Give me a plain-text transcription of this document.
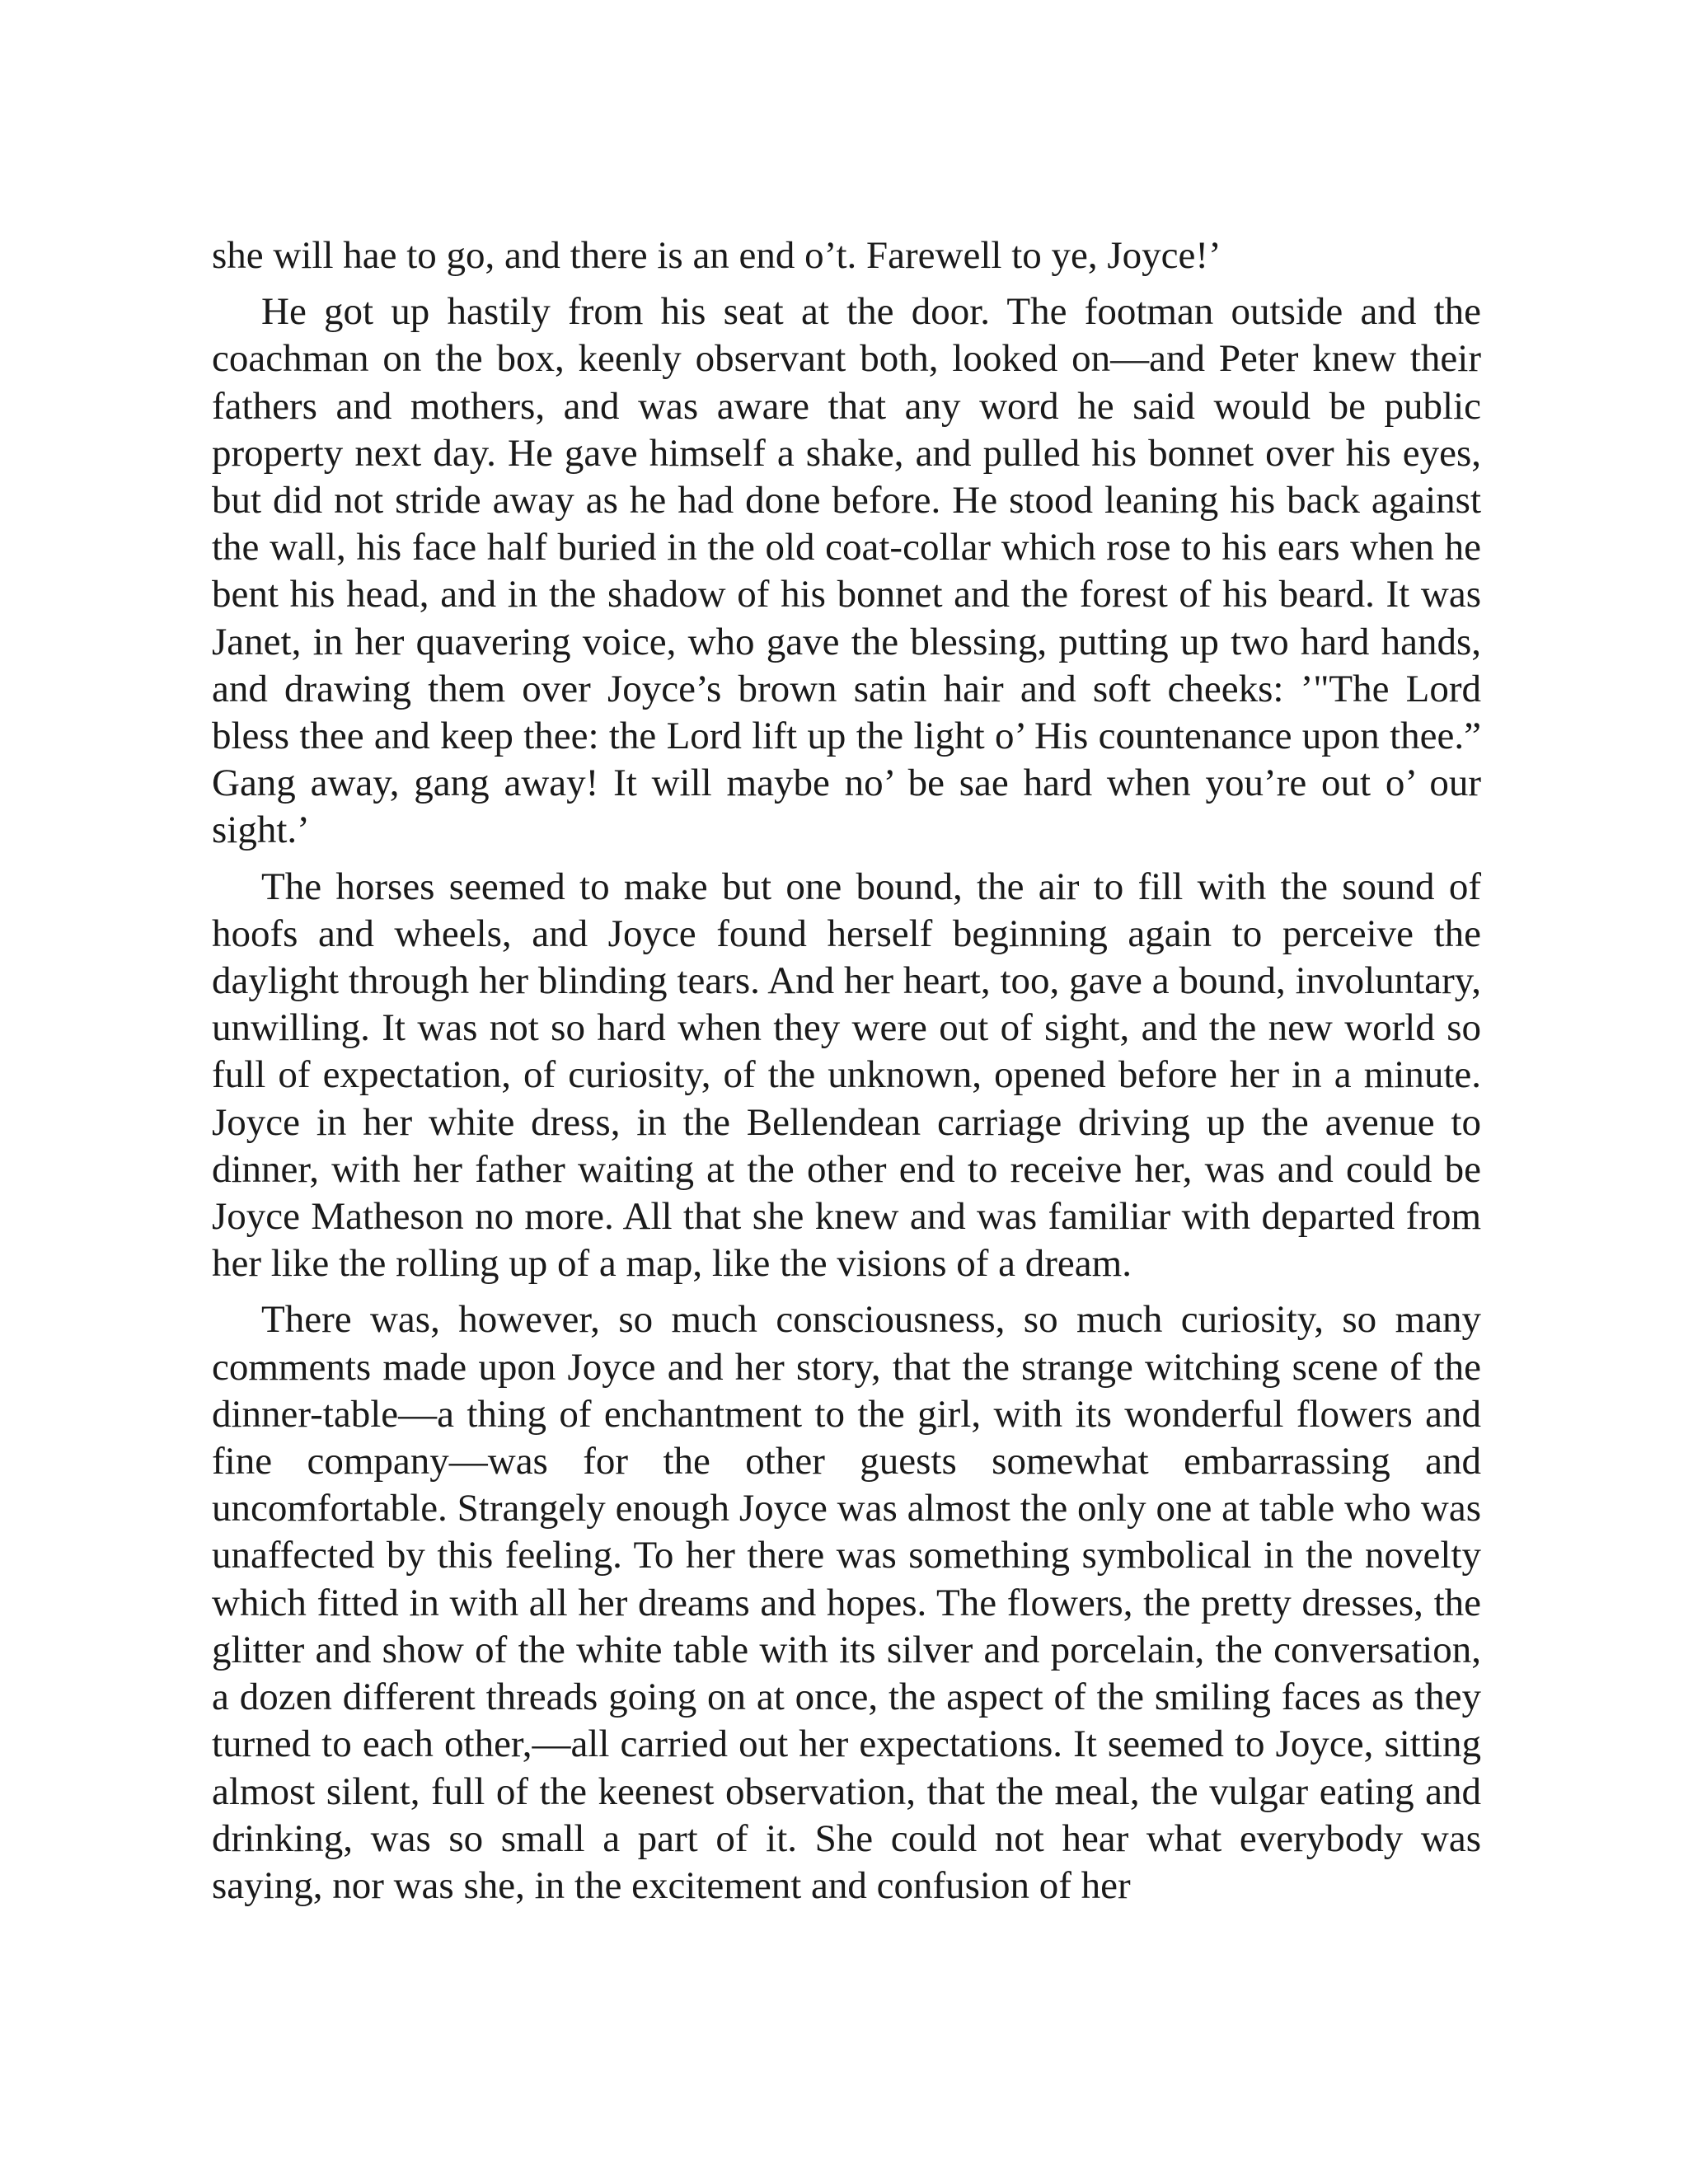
she will hae to go, and there is an end o’t. Farewell to ye, Joyce!’

He got up hastily from his seat at the door. The footman outside and the coachman on the box, keenly observant both, looked on—and Peter knew their fathers and mothers, and was aware that any word he said would be public property next day. He gave himself a shake, and pulled his bonnet over his eyes, but did not stride away as he had done before. He stood leaning his back against the wall, his face half buried in the old coat-collar which rose to his ears when he bent his head, and in the shadow of his bonnet and the forest of his beard. It was Janet, in her quavering voice, who gave the blessing, putting up two hard hands, and drawing them over Joyce’s brown satin hair and soft cheeks: ’"The Lord bless thee and keep thee: the Lord lift up the light o’ His countenance upon thee.” Gang away, gang away! It will maybe no’ be sae hard when you’re out o’ our sight.’

The horses seemed to make but one bound, the air to fill with the sound of hoofs and wheels, and Joyce found herself beginning again to perceive the daylight through her blinding tears. And her heart, too, gave a bound, involuntary, unwilling. It was not so hard when they were out of sight, and the new world so full of expectation, of curiosity, of the unknown, opened before her in a minute. Joyce in her white dress, in the Bellendean carriage driving up the avenue to dinner, with her father waiting at the other end to receive her, was and could be Joyce Matheson no more. All that she knew and was familiar with departed from her like the rolling up of a map, like the visions of a dream.

There was, however, so much consciousness, so much curiosity, so many comments made upon Joyce and her story, that the strange witching scene of the dinner-table—a thing of enchantment to the girl, with its wonderful flowers and fine company—was for the other guests somewhat embarrassing and uncomfortable. Strangely enough Joyce was almost the only one at table who was unaffected by this feeling. To her there was something symbolical in the novelty which fitted in with all her dreams and hopes. The flowers, the pretty dresses, the glitter and show of the white table with its silver and porcelain, the conversation, a dozen different threads going on at once, the aspect of the smiling faces as they turned to each other,—all carried out her expectations. It seemed to Joyce, sitting almost silent, full of the keenest observation, that the meal, the vulgar eating and drinking, was so small a part of it. She could not hear what everybody was saying, nor was she, in the excitement and confusion of her
